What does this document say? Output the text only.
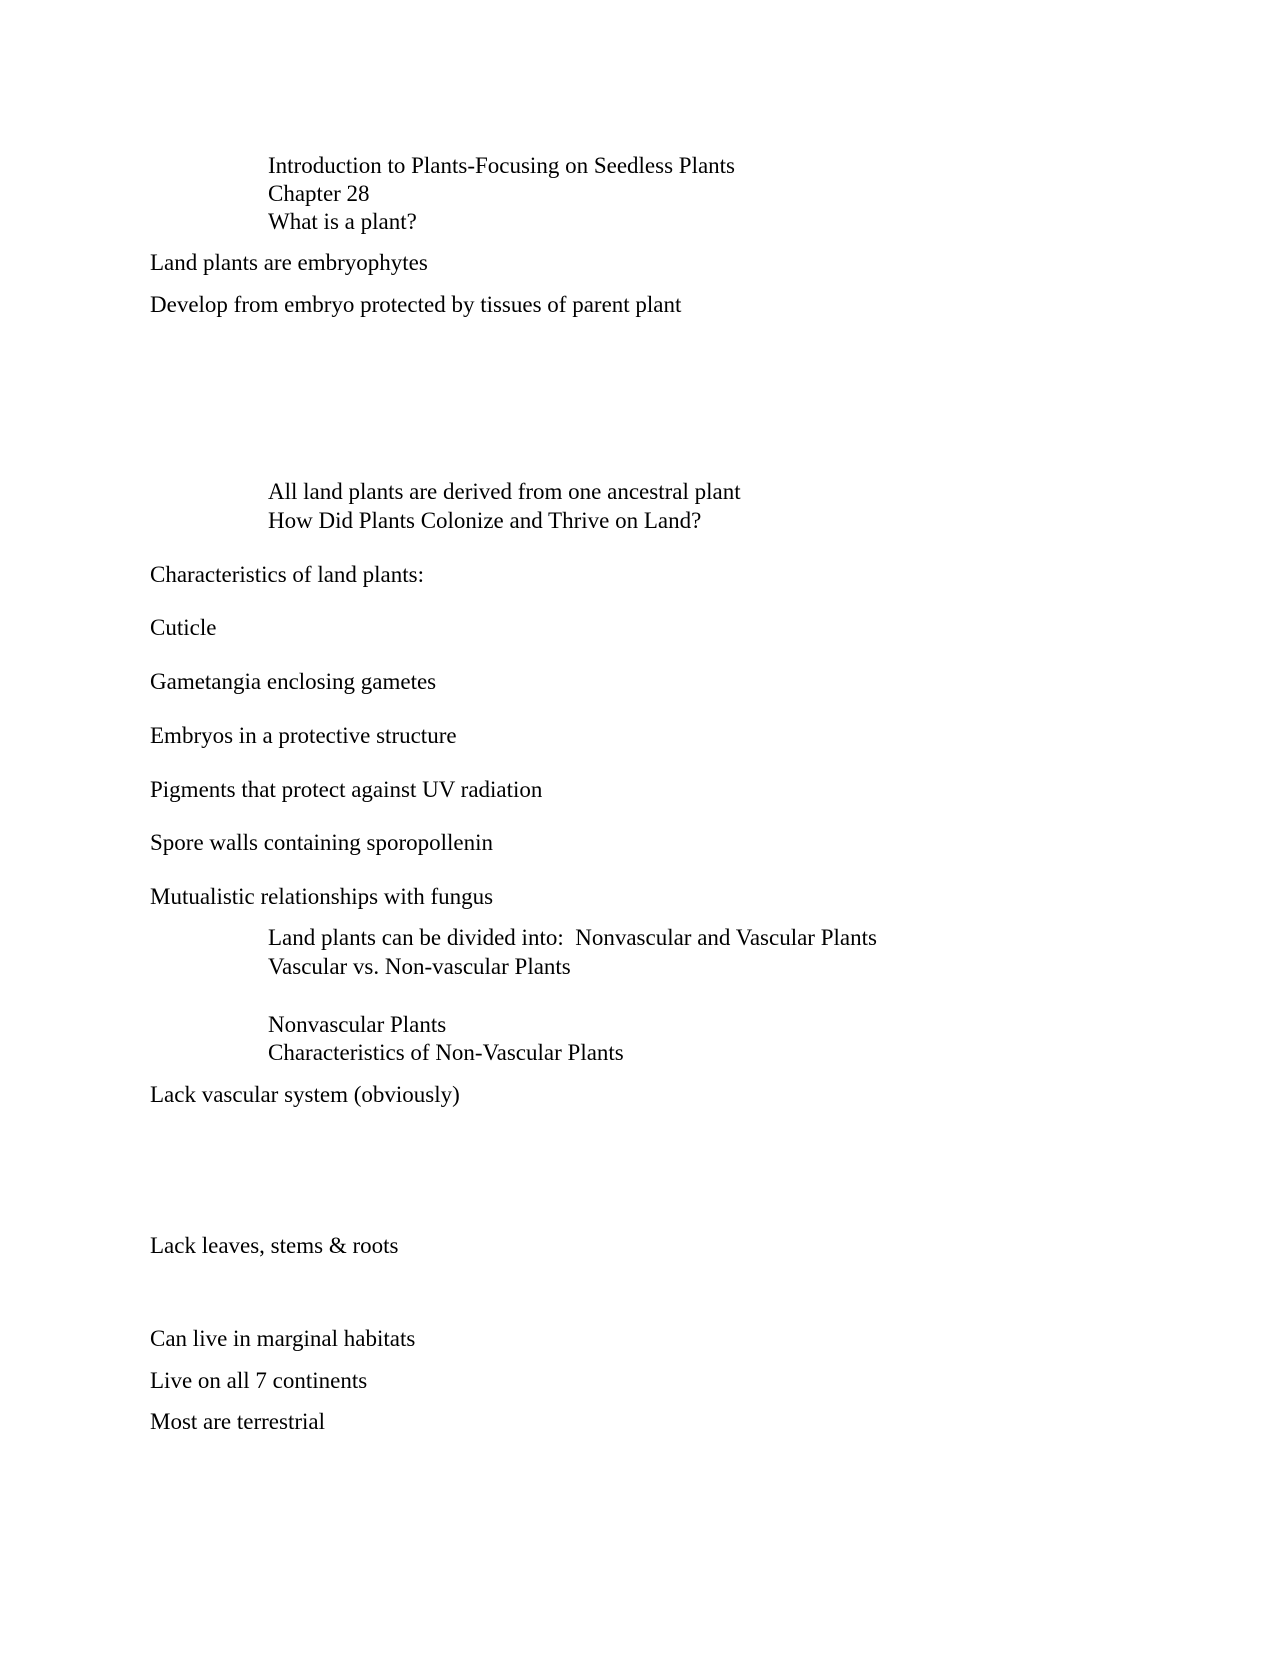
Introduction to Plants-Focusing on Seedless Plants
Chapter 28
What is a plant?
Land plants are embryophytes
Develop from embryo protected by tissues of parent plant
All land plants are derived from one ancestral plant
How Did Plants Colonize and Thrive on Land?
Characteristics of land plants:
Cuticle
Gametangia enclosing gametes
Embryos in a protective structure
Pigments that protect against UV radiation
Spore walls containing sporopollenin
Mutualistic relationships with fungus
Land plants can be divided into:  Nonvascular and Vascular Plants
Vascular vs. Non-vascular Plants
Nonvascular Plants
Characteristics of Non-Vascular Plants
Lack vascular system (obviously)
Lack leaves, stems & roots
Can live in marginal habitats
Live on all 7 continents
Most are terrestrial
